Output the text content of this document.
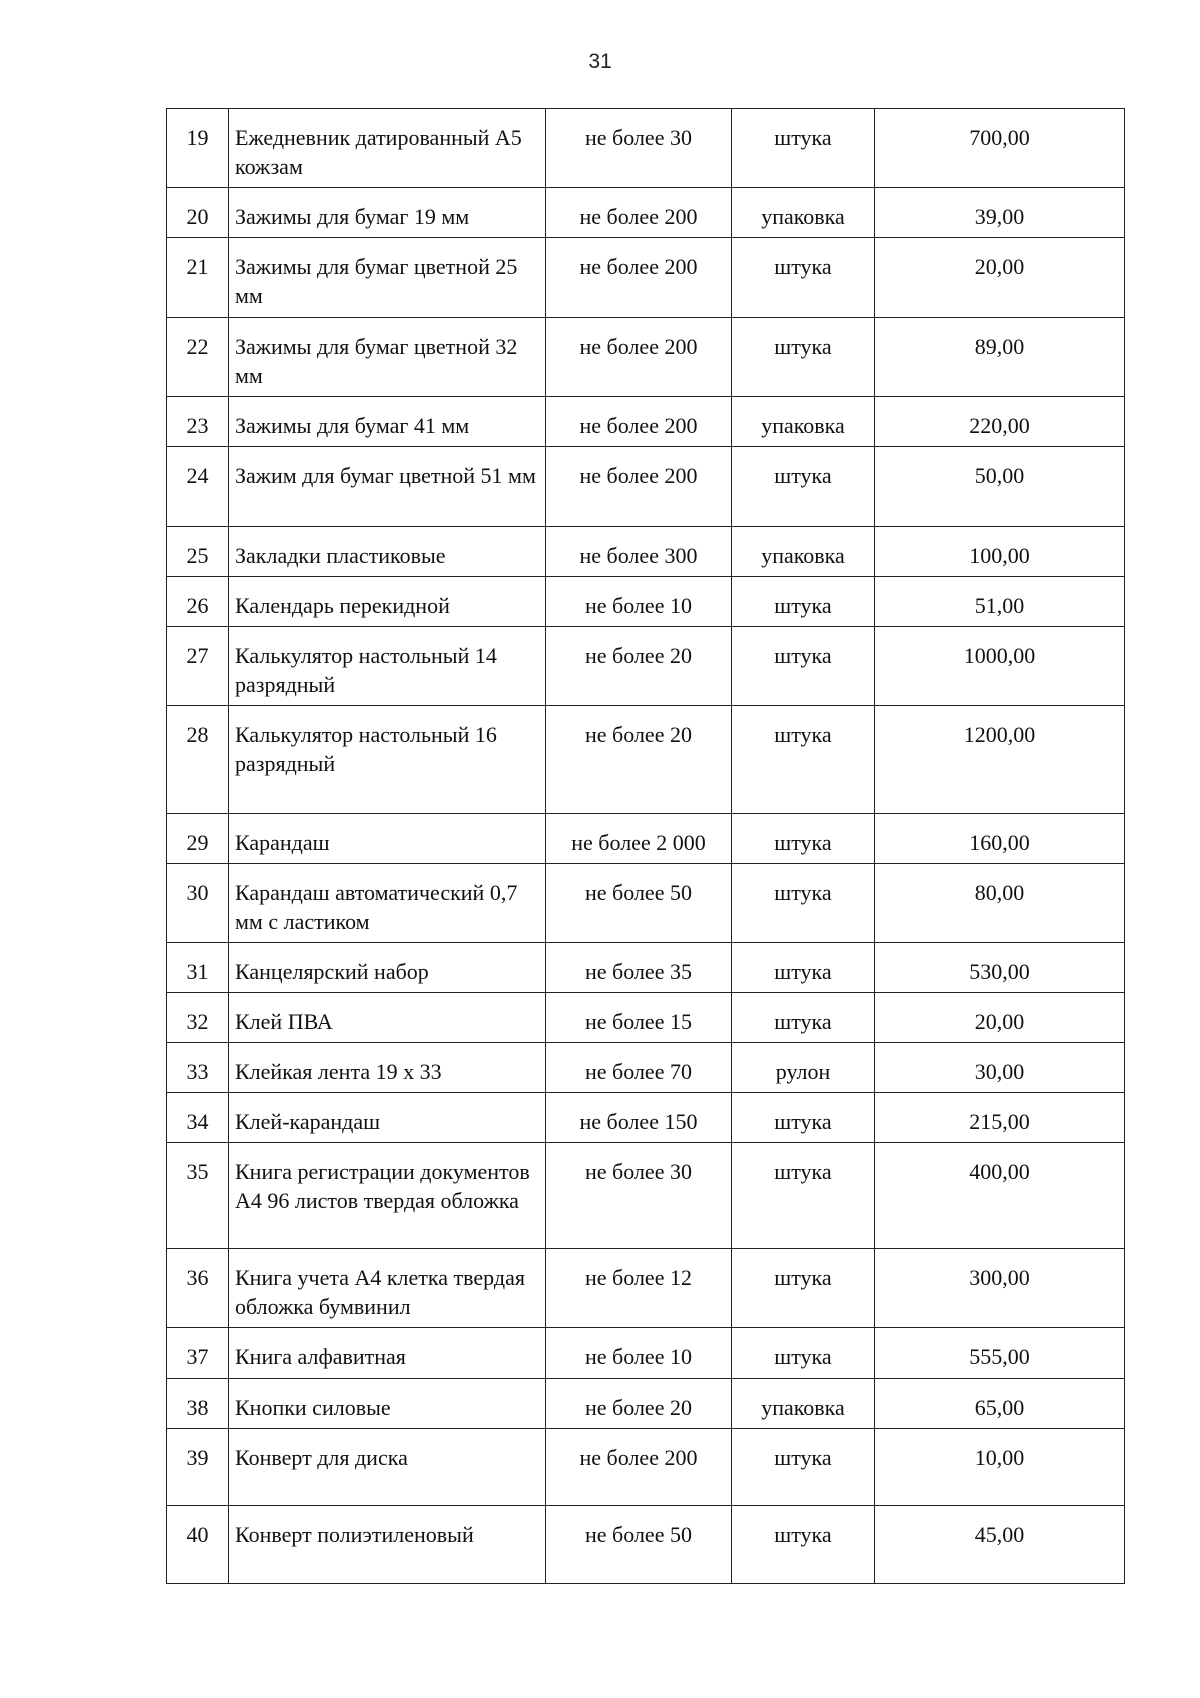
31
19	Ежедневник датированный А5 кожзам	не более 30	штука	700,00
20	Зажимы для бумаг 19 мм	не более 200	упаковка	39,00
21	Зажимы для бумаг цветной 25 мм	не более 200	штука	20,00
22	Зажимы для бумаг цветной 32 мм	не более 200	штука	89,00
23	Зажимы для бумаг 41 мм	не более 200	упаковка	220,00
24	Зажим для бумаг цветной 51 мм	не более 200	штука	50,00
25	Закладки пластиковые	не более 300	упаковка	100,00
26	Календарь перекидной	не более 10	штука	51,00
27	Калькулятор настольный 14 разрядный	не более 20	штука	1000,00
28	Калькулятор настольный 16 разрядный	не более 20	штука	1200,00
29	Карандаш	не более 2 000	штука	160,00
30	Карандаш автоматический 0,7 мм с ластиком	не более 50	штука	80,00
31	Канцелярский набор	не более 35	штука	530,00
32	Клей ПВА	не более 15	штука	20,00
33	Клейкая лента 19 х 33	не более 70	рулон	30,00
34	Клей-карандаш	не более 150	штука	215,00
35	Книга регистрации документов А4 96 листов твердая обложка	не более 30	штука	400,00
36	Книга учета А4 клетка твердая обложка бумвинил	не более 12	штука	300,00
37	Книга алфавитная	не более 10	штука	555,00
38	Кнопки силовые	не более 20	упаковка	65,00
39	Конверт для диска	не более 200	штука	10,00
40	Конверт полиэтиленовый	не более 50	штука	45,00
